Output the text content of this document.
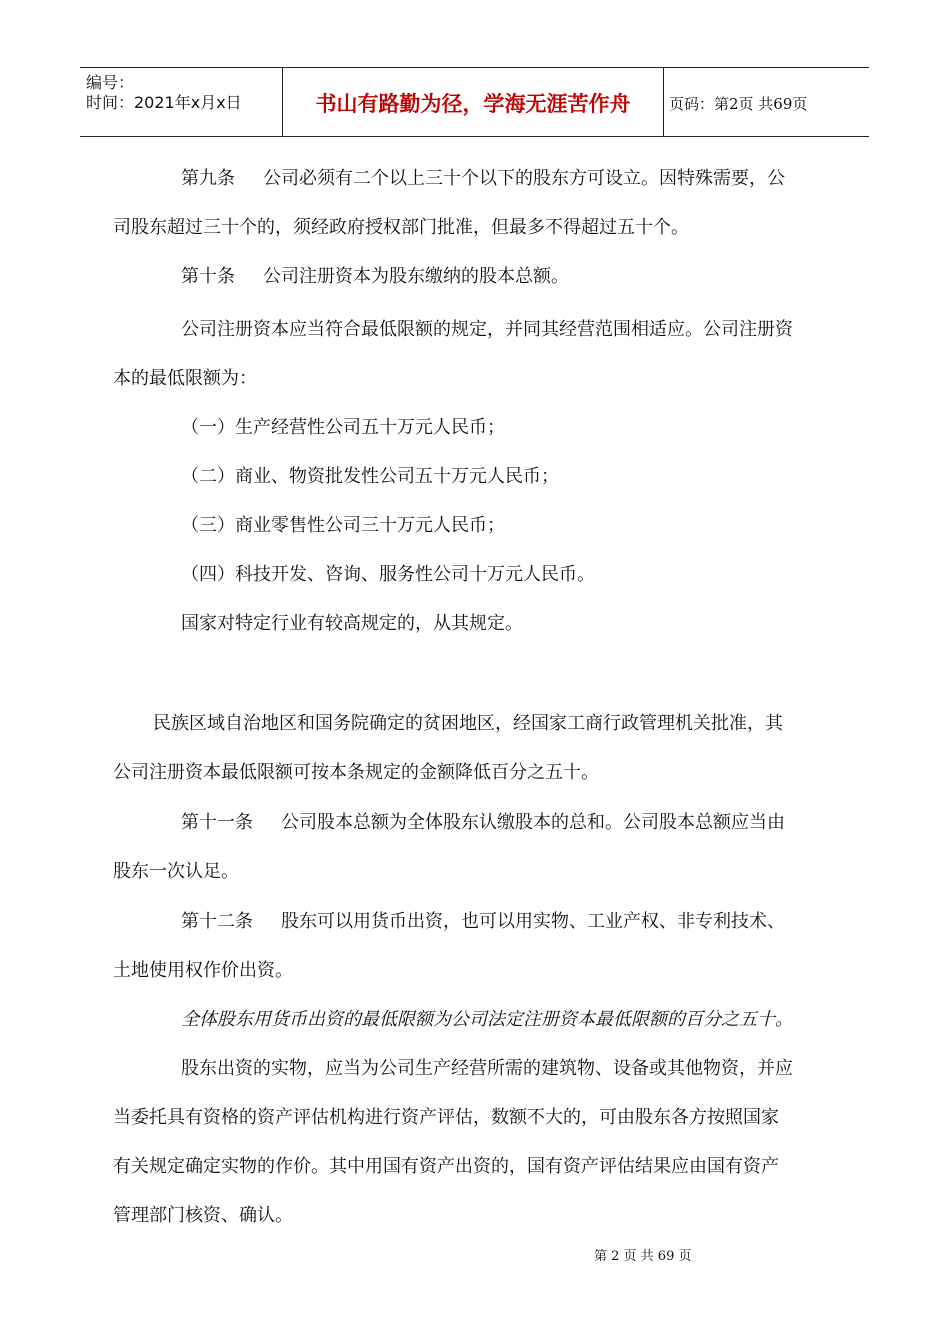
编号：
时间：2021年x月x日	书山有路勤为径，学海无涯苦作舟	页码：第2页 共69页
第九条 公司必须有二个以上三十个以下的股东方可设立。因特殊需要，公
司股东超过三十个的，须经政府授权部门批准，但最多不得超过五十个。
第十条 公司注册资本为股东缴纳的股本总额。
公司注册资本应当符合最低限额的规定，并同其经营范围相适应。公司注册资
本的最低限额为：
（一）生产经营性公司五十万元人民币；
（二）商业、物资批发性公司五十万元人民币；
（三）商业零售性公司三十万元人民币；
（四）科技开发、咨询、服务性公司十万元人民币。
国家对特定行业有较高规定的，从其规定。
民族区域自治地区和国务院确定的贫困地区，经国家工商行政管理机关批准，其
公司注册资本最低限额可按本条规定的金额降低百分之五十。
第十一条 公司股本总额为全体股东认缴股本的总和。公司股本总额应当由
股东一次认足。
第十二条 股东可以用货币出资，也可以用实物、工业产权、非专利技术、
土地使用权作价出资。
全体股东用货币出资的最低限额为公司法定注册资本最低限额的百分之五十。
股东出资的实物，应当为公司生产经营所需的建筑物、设备或其他物资，并应
当委托具有资格的资产评估机构进行资产评估，数额不大的，可由股东各方按照国家
有关规定确定实物的作价。其中用国有资产出资的，国有资产评估结果应由国有资产
管理部门核资、确认。
第 2 页 共 69 页
